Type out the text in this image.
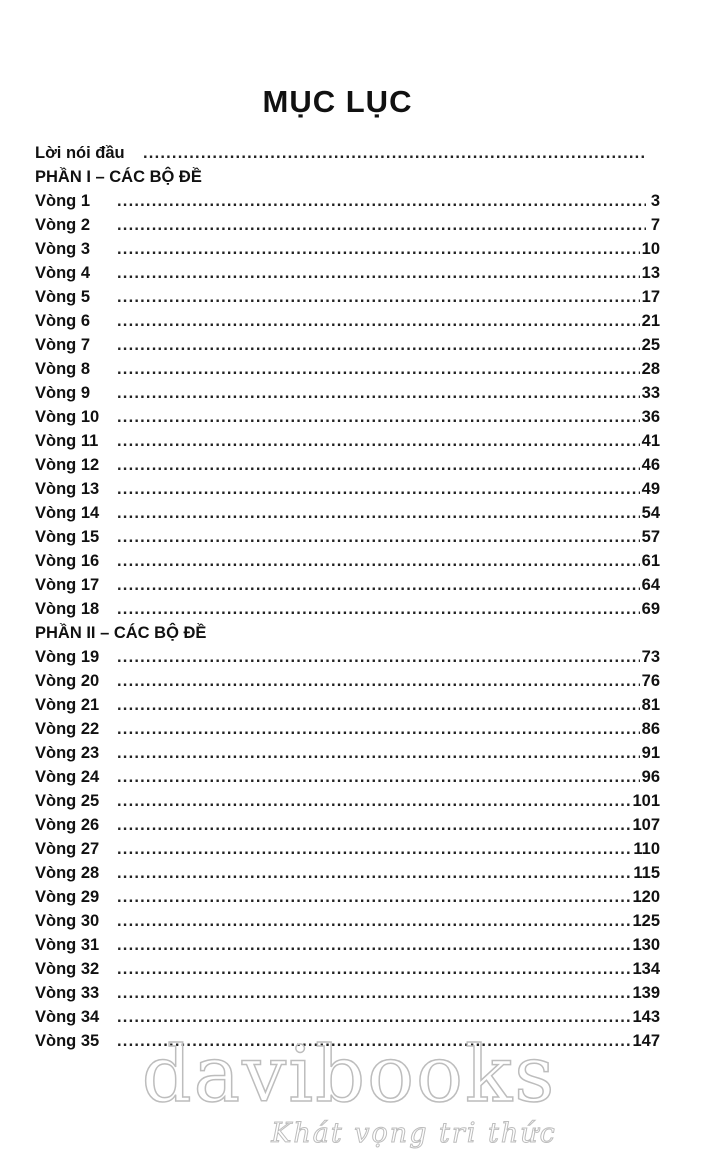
MỤC LỤC
Lời nói đầu
.....
PHẦN I – CÁC BỘ ĐỀ
Vòng 1 .....	3
Vòng 2 .....	7
Vòng 3 .....	10
Vòng 4 .....	13
Vòng 5 .....	17
Vòng 6 .....	21
Vòng 7 .....	25
Vòng 8 .....	28
Vòng 9 .....	33
Vòng 10 .....	36
Vòng 11 .....	41
Vòng 12 .....	46
Vòng 13 .....	49
Vòng 14 .....	54
Vòng 15 .....	57
Vòng 16 .....	61
Vòng 17 .....	64
Vòng 18 .....	69
PHẦN II – CÁC BỘ ĐỀ
Vòng 19 .....	73
Vòng 20 .....	76
Vòng 21 .....	81
Vòng 22 .....	86
Vòng 23 .....	91
Vòng 24 .....	96
Vòng 25 .....	101
Vòng 26 .....	107
Vòng 27 .....	110
Vòng 28 .....	115
Vòng 29 .....	120
Vòng 30 .....	125
Vòng 31 .....	130
Vòng 32 .....	134
Vòng 33 .....	139
Vòng 34 .....	143
Vòng 35 .....	147
davibooks
Khát vọng tri thức
